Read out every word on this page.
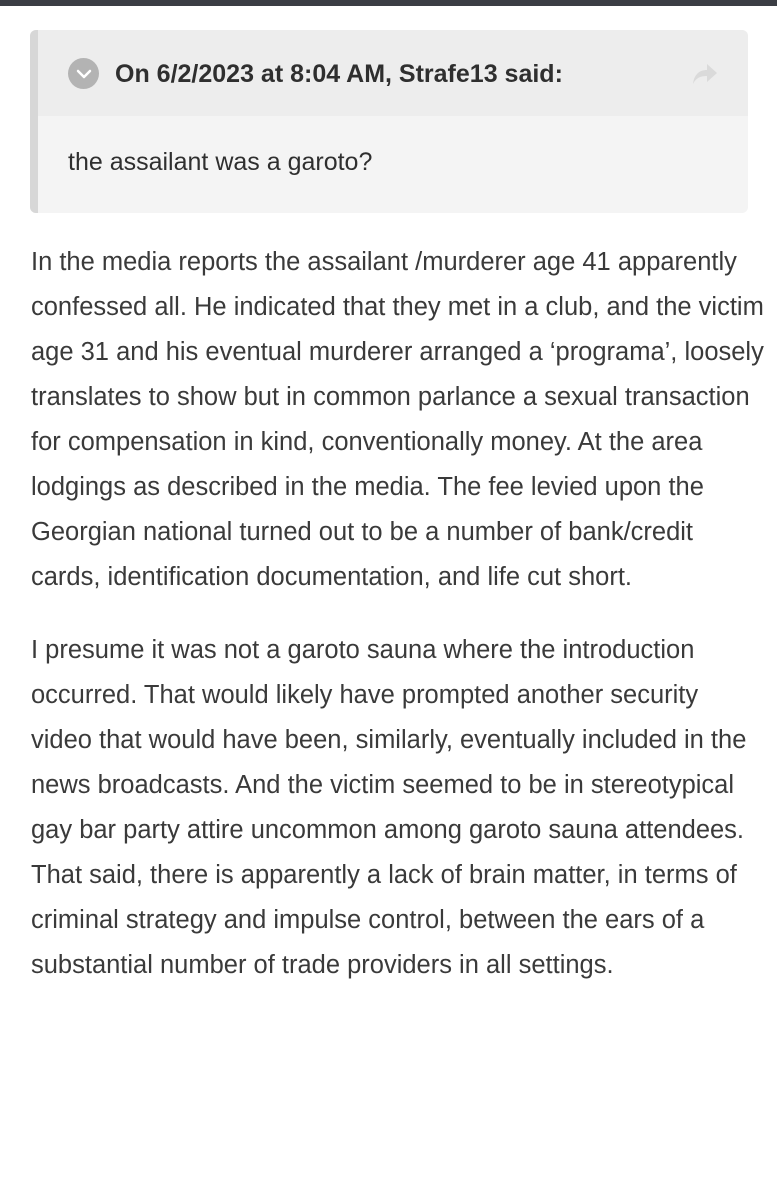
On 6/2/2023 at 8:04 AM, Strafe13 said:
the assailant was a garoto?

In the media reports the assailant /murderer age 41 apparently confessed all. He indicated that they met in a club, and the victim age 31 and his eventual murderer arranged a ‘programa’, loosely translates to show but in common parlance a sexual transaction for compensation in kind, conventionally money. At the area lodgings as described in the media. The fee levied upon the Georgian national turned out to be a number of bank/credit cards, identification documentation, and life cut short.

I presume it was not a garoto sauna where the introduction occurred. That would likely have prompted another security video that would have been, similarly, eventually included in the news broadcasts. And the victim seemed to be in stereotypical gay bar party attire uncommon among garoto sauna attendees. That said, there is apparently a lack of brain matter, in terms of criminal strategy and impulse control, between the ears of a substantial number of trade providers in all settings.
